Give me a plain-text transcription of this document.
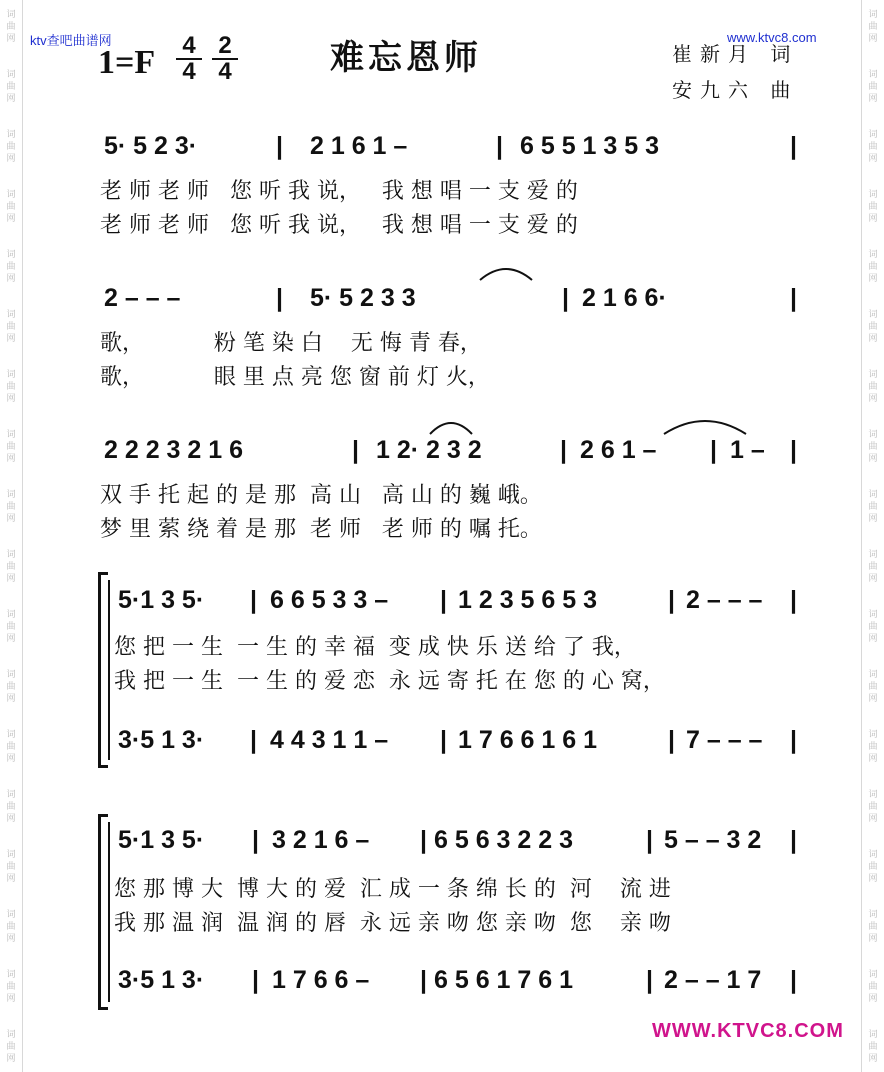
ktv查吧曲谱网	www.ktvc8.com
1=F 4
4
2
4	难忘恩师	崔新月 词
安九六 曲
5· 5 2 3·	| 2 1 6 1 –	| 6 5 5 1 3 5 3	|
老 师 老 师   您 听 我 说，   我 想 唱 一 支 爱 的
老 师 老 师   您 听 我 说，   我 想 唱 一 支 爱 的
2 – – –	| 5· 5 2 3 3	| 2 1 6 6·	|
歌，          粉 笔 染 白    无 悔 青 春，
歌，          眼 里 点 亮 您 窗 前 灯 火，
2 2 2 3 2 1 6	| 1 2· 2 3 2	| 2 6 1 – | 1 – |
双 手 托 起 的 是 那  高 山   高 山 的 巍 峨。
梦 里 萦 绕 着 是 那  老 师   老 师 的 嘱 托。
5·1 3 5· | 6 6 5 3 3 – | 1 2 3 5 6 5 3	| 2 – – – |
您 把 一 生  一 生 的 幸 福  变 成 快 乐 送 给 了 我，
我 把 一 生  一 生 的 爱 恋  永 远 寄 托 在 您 的 心 窝，
3·5 1 3· | 4 4 3 1 1 – | 1 7 6 6 1 6 1	| 7 – – – |
5·1 3 5· | 3 2 1 6 – | 6 5 6 3 2 2 3	| 5 – – 3 2 |
您 那 博 大  博 大 的 爱  汇 成 一 条 绵 长 的  河    流 进
我 那 温 润  温 润 的 唇  永 远 亲 吻 您 亲 吻  您    亲 吻
3·5 1 3· | 1 7 6 6 – | 6 5 6 1 7 6 1	| 2 – – 1 7 |
WWW.KTVC8.COM
词
曲
网
词
曲
网
词
曲
网
词
曲
网
词
曲
网
词
曲
网
词
曲
网
词
曲
网
词
曲
网
词
曲
网
词
曲
网
词
曲
网
词
曲
网
词
曲
网
词
曲
网
词
曲
网
词
曲
网
词
曲
网
词
曲
网
词
曲
网
词
曲
网
词
曲
网
词
曲
网
词
曲
网
词
曲
网
词
曲
网
词
曲
网
词
曲
网
词
曲
网
词
曲
网
词
曲
网
词
曲
网
词
曲
网
词
曲
网
词
曲
网
词
曲
网
